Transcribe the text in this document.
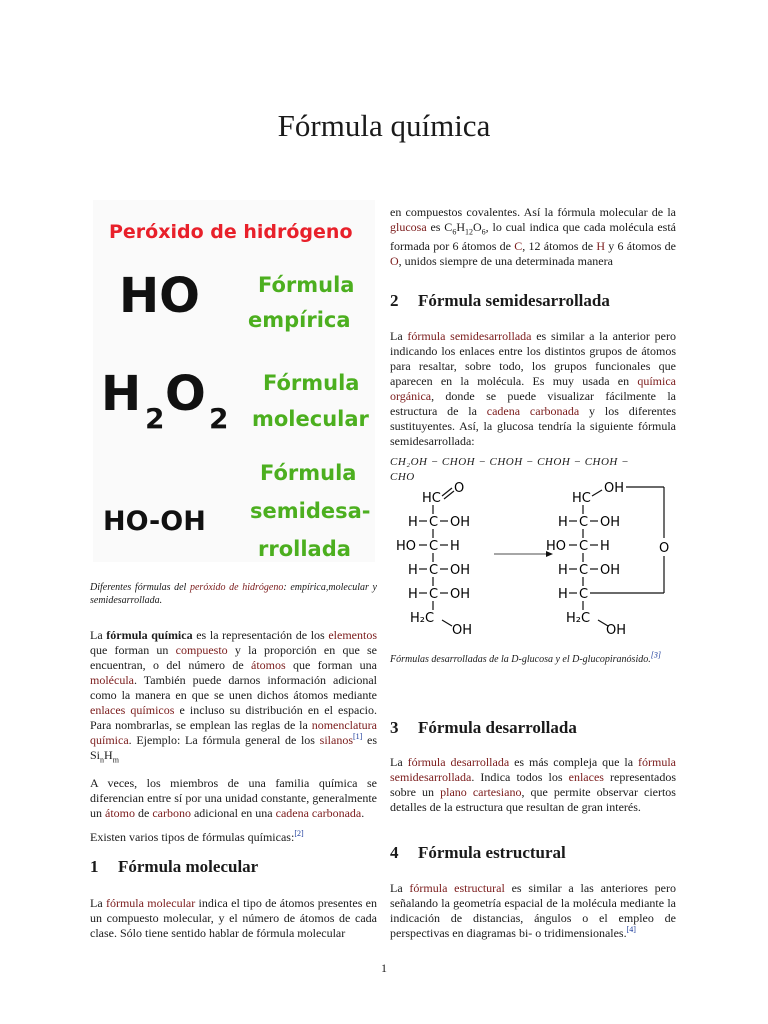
Fórmula química
Peróxido de hidrógeno
HO	Fórmula
empírica
H 2 O 2
Fórmula
molecular
HO-OH
Fórmula
semidesa-
rrollada

Diferentes fórmulas del peróxido de hidrógeno: empírica,molecular y semidesarrollada.

La fórmula química es la representación de los elementos que forman un compuesto y la proporción en que se encuentran, o del número de átomos que forman una molécula. También puede darnos información adicional como la manera en que se unen dichos átomos mediante enlaces químicos e incluso su distribución en el espacio. Para nombrarlas, se emplean las reglas de la nomenclatura química. Ejemplo: La fórmula general de los silanos[1] es $Si_nH_m$

A veces, los miembros de una familia química se diferencian entre sí por una unidad constante, generalmente un átomo de carbono adicional en una cadena carbonada.

Existen varios tipos de fórmulas químicas:[2]

1 Fórmula molecular

La fórmula molecular indica el tipo de átomos presentes en un compuesto molecular, y el número de átomos de cada clase. Sólo tiene sentido hablar de fórmula molecular

en compuestos covalentes. Así la fórmula molecular de la glucosa es $C_6H_{12}O_6$, lo cual indica que cada molécula está formada por 6 átomos de C, 12 átomos de H y 6 átomos de O, unidos siempre de una determinada manera

2 Fórmula semidesarrollada

La fórmula semidesarrollada es similar a la anterior pero indicando los enlaces entre los distintos grupos de átomos para resaltar, sobre todo, los grupos funcionales que aparecen en la molécula. Es muy usada en química orgánica, donde se puede visualizar fácilmente la estructura de la cadena carbonada y los diferentes sustituyentes. Así, la glucosa tendría la siguiente fórmula semidesarrollada:

CH₂OH − CHOH − CHOH − CHOH − CHOH −

CHO

HC
O
H C OH
HO C H
H C OH
H C OH
H₂C
OH
HC
OH
H C OH
HO C H
H C OH
H C
H₂C
OH
O

Fórmulas desarrolladas de la D-glucosa y el D-glucopiranósido.[3]

3 Fórmula desarrollada

La fórmula desarrollada es más compleja que la fórmula semidesarrollada. Indica todos los enlaces representados sobre un plano cartesiano, que permite observar ciertos detalles de la estructura que resultan de gran interés.

4 Fórmula estructural

La fórmula estructural es similar a las anteriores pero señalando la geometría espacial de la molécula mediante la indicación de distancias, ángulos o el empleo de perspectivas en diagramas bi- o tridimensionales.[4]

1
